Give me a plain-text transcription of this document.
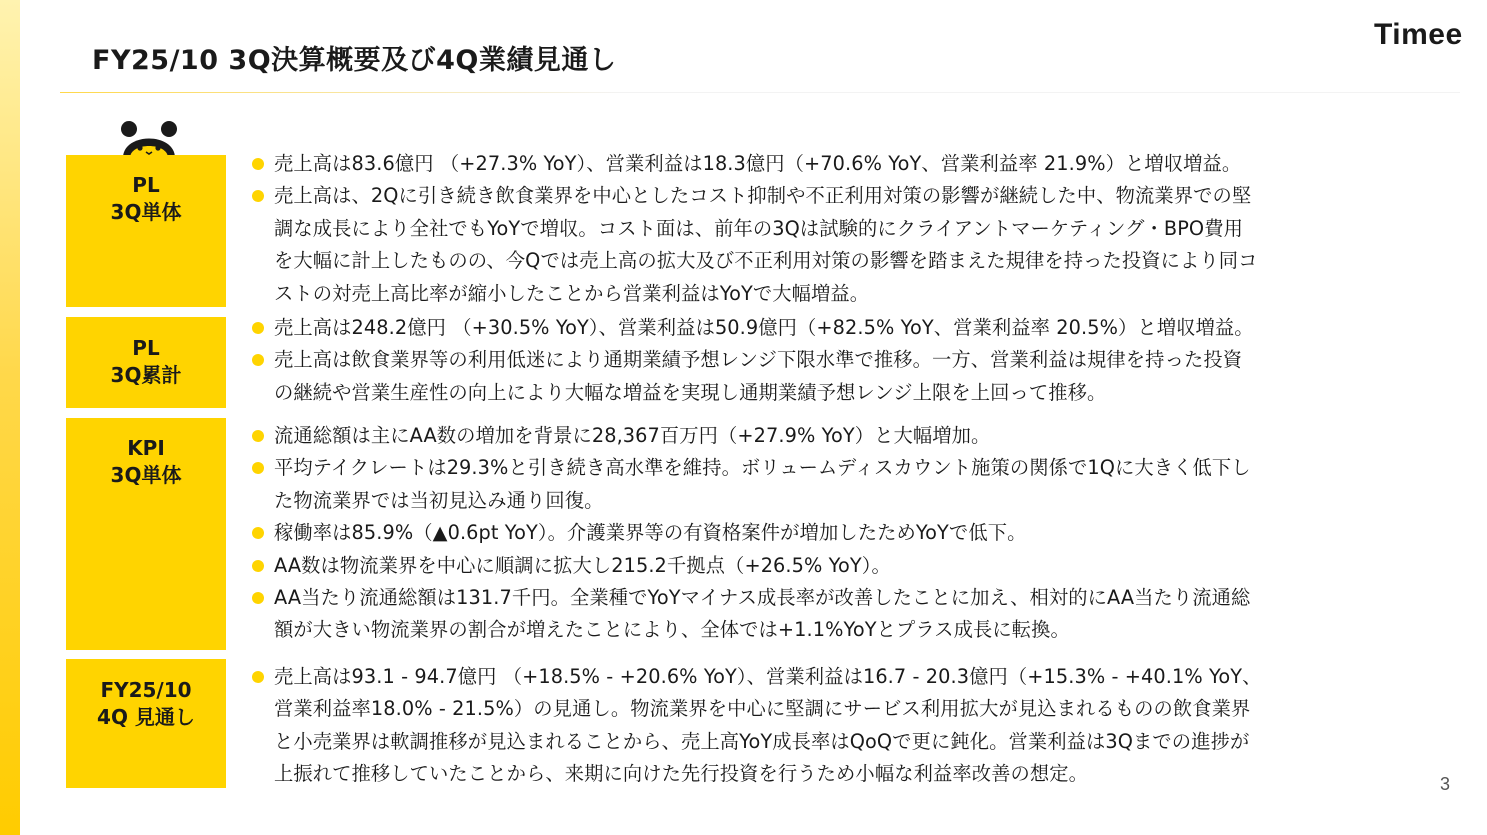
FY25/10 3Q決算概要及び4Q業績見通し
Timee
PL
3Q単体
売上高は83.6億円 （+27.3% YoY）、営業利益は18.3億円（+70.6% YoY、営業利益率 21.9%）と増収増益。
売上高は、2Qに引き続き飲食業界を中心としたコスト抑制や不正利用対策の影響が継続した中、物流業界での堅
調な成長により全社でもYoYで増収。コスト面は、前年の3Qは試験的にクライアントマーケティング・BPO費用
を大幅に計上したものの、今Qでは売上高の拡大及び不正利用対策の影響を踏まえた規律を持った投資により同コ
ストの対売上高比率が縮小したことから営業利益はYoYで大幅増益。
PL
3Q累計
売上高は248.2億円 （+30.5% YoY）、営業利益は50.9億円（+82.5% YoY、営業利益率 20.5%）と増収増益。
売上高は飲食業界等の利用低迷により通期業績予想レンジ下限水準で推移。一方、営業利益は規律を持った投資
の継続や営業生産性の向上により大幅な増益を実現し通期業績予想レンジ上限を上回って推移。
KPI
3Q単体
流通総額は主にAA数の増加を背景に28,367百万円（+27.9% YoY）と大幅増加。
平均テイクレートは29.3%と引き続き高水準を維持。ボリュームディスカウント施策の関係で1Qに大きく低下し
た物流業界では当初見込み通り回復。
稼働率は85.9%（▲0.6pt YoY）。介護業界等の有資格案件が増加したためYoYで低下。
AA数は物流業界を中心に順調に拡大し215.2千拠点（+26.5% YoY）。
AA当たり流通総額は131.7千円。全業種でYoYマイナス成長率が改善したことに加え、相対的にAA当たり流通総
額が大きい物流業界の割合が増えたことにより、全体では+1.1%YoYとプラス成長に転換。
FY25/10
4Q 見通し
売上高は93.1 - 94.7億円 （+18.5% - +20.6% YoY）、営業利益は16.7 - 20.3億円（+15.3% - +40.1% YoY、
営業利益率18.0% - 21.5%）の見通し。物流業界を中心に堅調にサービス利用拡大が見込まれるものの飲食業界
と小売業界は軟調推移が見込まれることから、売上高YoY成長率はQoQで更に鈍化。営業利益は3Qまでの進捗が
上振れて推移していたことから、来期に向けた先行投資を行うため小幅な利益率改善の想定。	3
